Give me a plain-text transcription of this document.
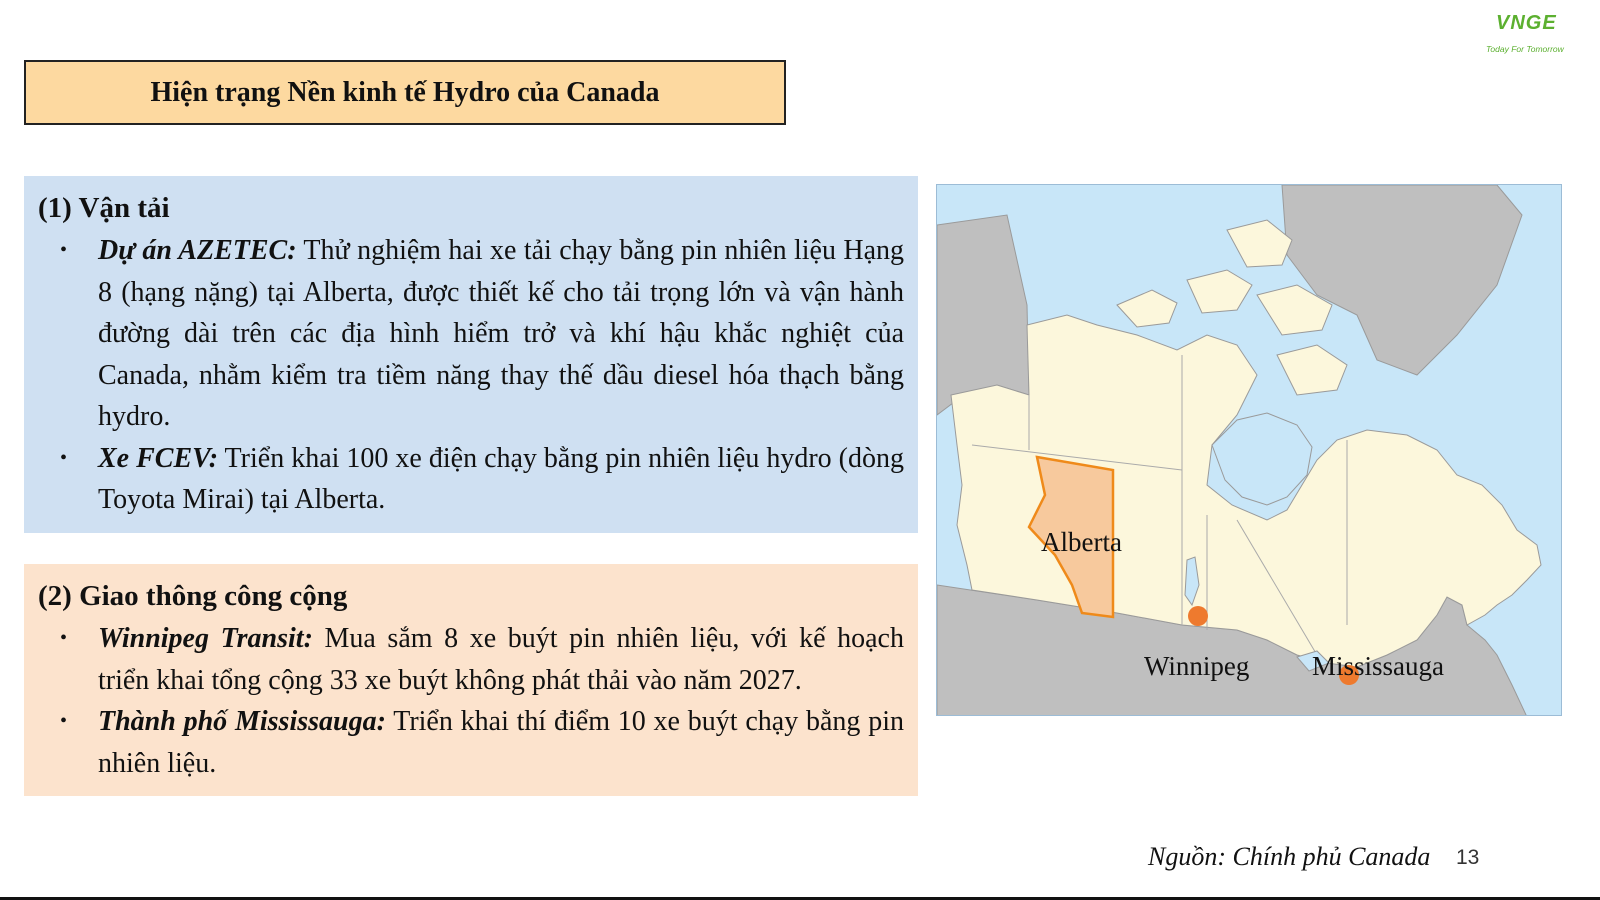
Hiện trạng Nền kinh tế Hydro của Canada
VNGE
Today For Tomorrow
(1) Vận tải
• Dự án AZETEC: Thử nghiệm hai xe tải chạy bằng pin nhiên liệu Hạng 8 (hạng nặng) tại Alberta, được thiết kế cho tải trọng lớn và vận hành đường dài trên các địa hình hiểm trở và khí hậu khắc nghiệt của Canada, nhằm kiểm tra tiềm năng thay thế dầu diesel hóa thạch bằng hydro.
• Xe FCEV: Triển khai 100 xe điện chạy bằng pin nhiên liệu hydro (dòng Toyota Mirai) tại Alberta.
(2) Giao thông công cộng
• Winnipeg Transit: Mua sắm 8 xe buýt pin nhiên liệu, với kế hoạch triển khai tổng cộng 33 xe buýt không phát thải vào năm 2027.
• Thành phố Mississauga: Triển khai thí điểm 10 xe buýt chạy bằng pin nhiên liệu.
Alberta
Winnipeg Mississauga
Nguồn: Chính phủ Canada 13
